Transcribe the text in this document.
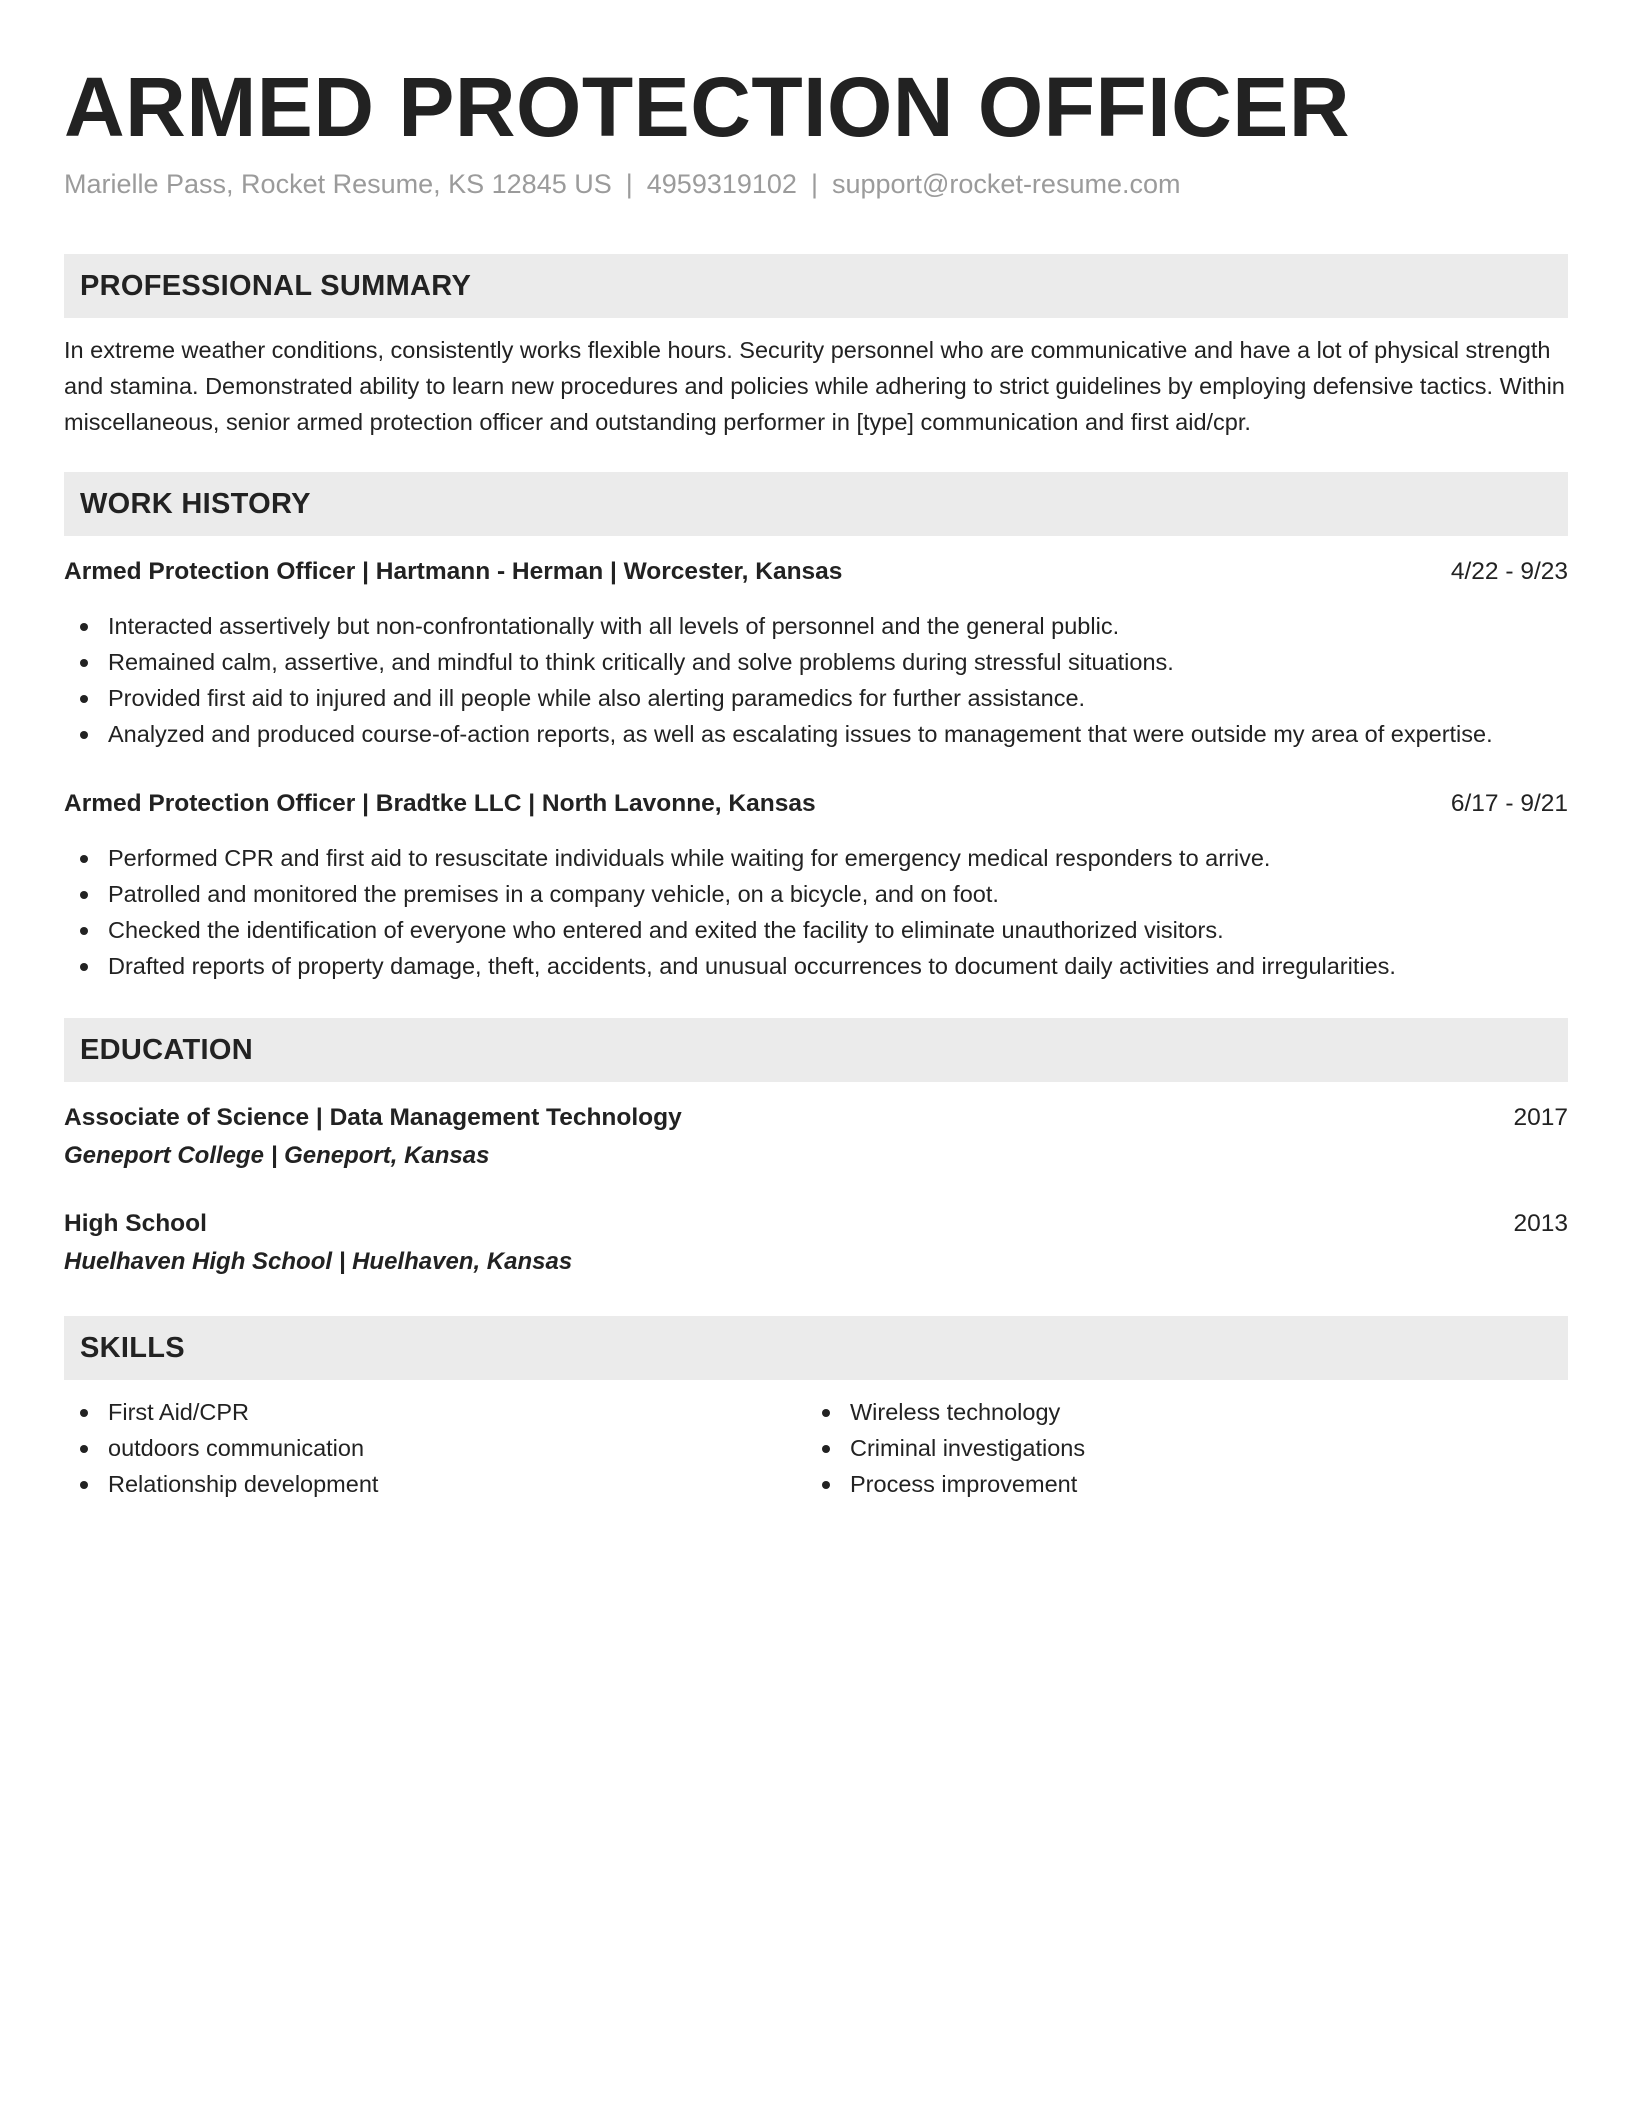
ARMED PROTECTION OFFICER
Marielle Pass, Rocket Resume, KS 12845 US | 4959319102 | support@rocket-resume.com
PROFESSIONAL SUMMARY

In extreme weather conditions, consistently works flexible hours. Security personnel who are communicative and have a lot of physical strength and stamina. Demonstrated ability to learn new procedures and policies while adhering to strict guidelines by employing defensive tactics. Within miscellaneous, senior armed protection officer and outstanding performer in [type] communication and first aid/cpr.

WORK HISTORY
Armed Protection Officer | Hartmann - Herman | Worcester, Kansas	4/22 - 9/23
Interacted assertively but non-confrontationally with all levels of personnel and the general public.
Remained calm, assertive, and mindful to think critically and solve problems during stressful situations.
Provided first aid to injured and ill people while also alerting paramedics for further assistance.
Analyzed and produced course-of-action reports, as well as escalating issues to management that were outside my area of expertise.
Armed Protection Officer | Bradtke LLC | North Lavonne, Kansas	6/17 - 9/21
Performed CPR and first aid to resuscitate individuals while waiting for emergency medical responders to arrive.
Patrolled and monitored the premises in a company vehicle, on a bicycle, and on foot.
Checked the identification of everyone who entered and exited the facility to eliminate unauthorized visitors.
Drafted reports of property damage, theft, accidents, and unusual occurrences to document daily activities and irregularities.
EDUCATION
Associate of Science | Data Management Technology	2017
Geneport College | Geneport, Kansas
High School	2013
Huelhaven High School | Huelhaven, Kansas
SKILLS
First Aid/CPR
outdoors communication
Relationship development
Wireless technology
Criminal investigations
Process improvement
